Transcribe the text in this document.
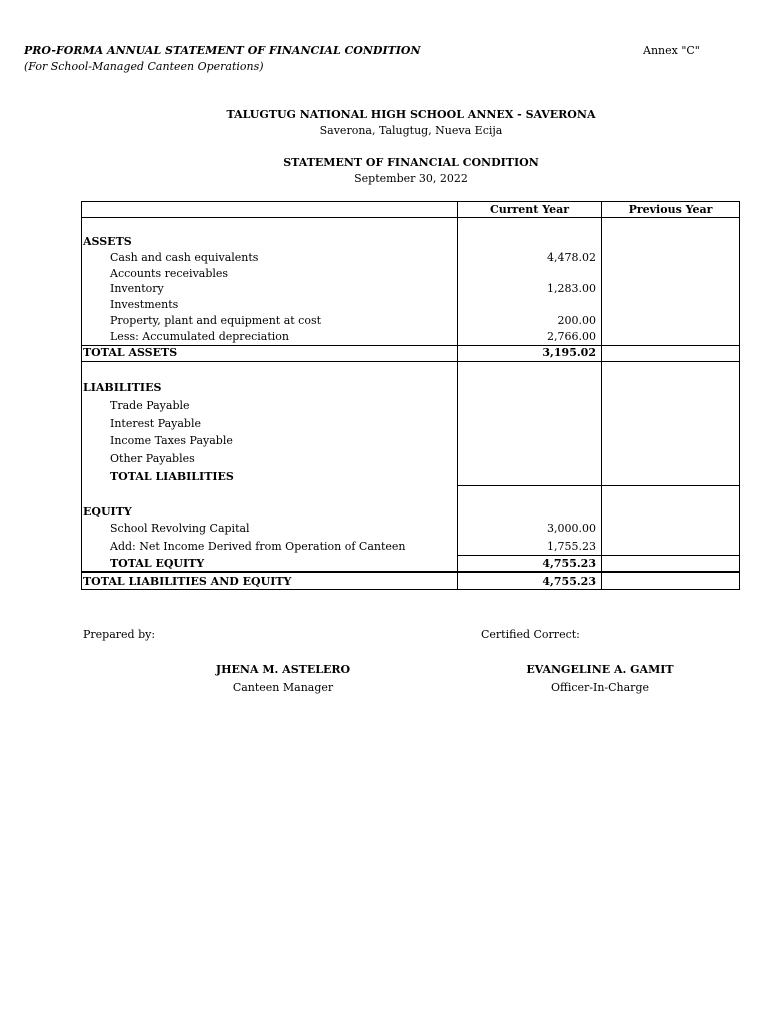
PRO-FORMA ANNUAL STATEMENT OF FINANCIAL CONDITION
(For School-Managed Canteen Operations)
Annex "C"
TALUGTUG NATIONAL HIGH SCHOOL ANNEX - SAVERONA
Saverona, Talugtug, Nueva Ecija
STATEMENT OF FINANCIAL CONDITION
September 30, 2022
Current Year	Previous Year
ASSETS
Cash and cash equivalents	4,478.02
Accounts receivables
Inventory	1,283.00
Investments
Property, plant and equipment at cost	200.00
Less: Accumulated depreciation	2,766.00
TOTAL ASSETS	3,195.02
LIABILITIES
Trade Payable
Interest Payable
Income Taxes Payable
Other Payables
TOTAL LIABILITIES
EQUITY
School Revolving Capital	3,000.00
Add: Net Income Derived from Operation of Canteen	1,755.23
TOTAL EQUITY	4,755.23
TOTAL LIABILITIES AND EQUITY	4,755.23
Prepared by:	Certified Correct:
JHENA M. ASTELERO
Canteen Manager
EVANGELINE A. GAMIT
Officer-In-Charge
